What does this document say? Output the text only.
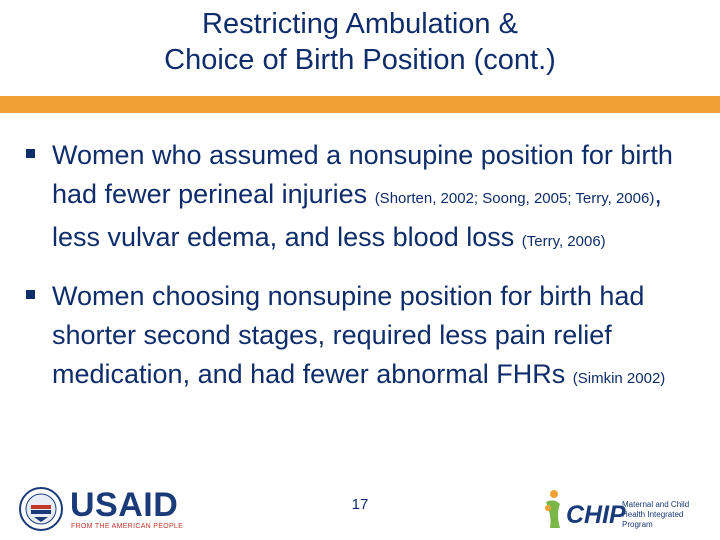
Restricting Ambulation &
Choice of Birth Position (cont.)
Women who assumed a nonsupine position for birth had fewer perineal injuries (Shorten, 2002; Soong, 2005; Terry, 2006), less vulvar edema, and less blood loss (Terry, 2006)
Women choosing nonsupine position for birth had shorter second stages, required less pain relief medication, and had fewer abnormal FHRs (Simkin 2002)
USAID
FROM THE AMERICAN PEOPLE
17	CHIP
Maternal and Child Health Integrated Program
